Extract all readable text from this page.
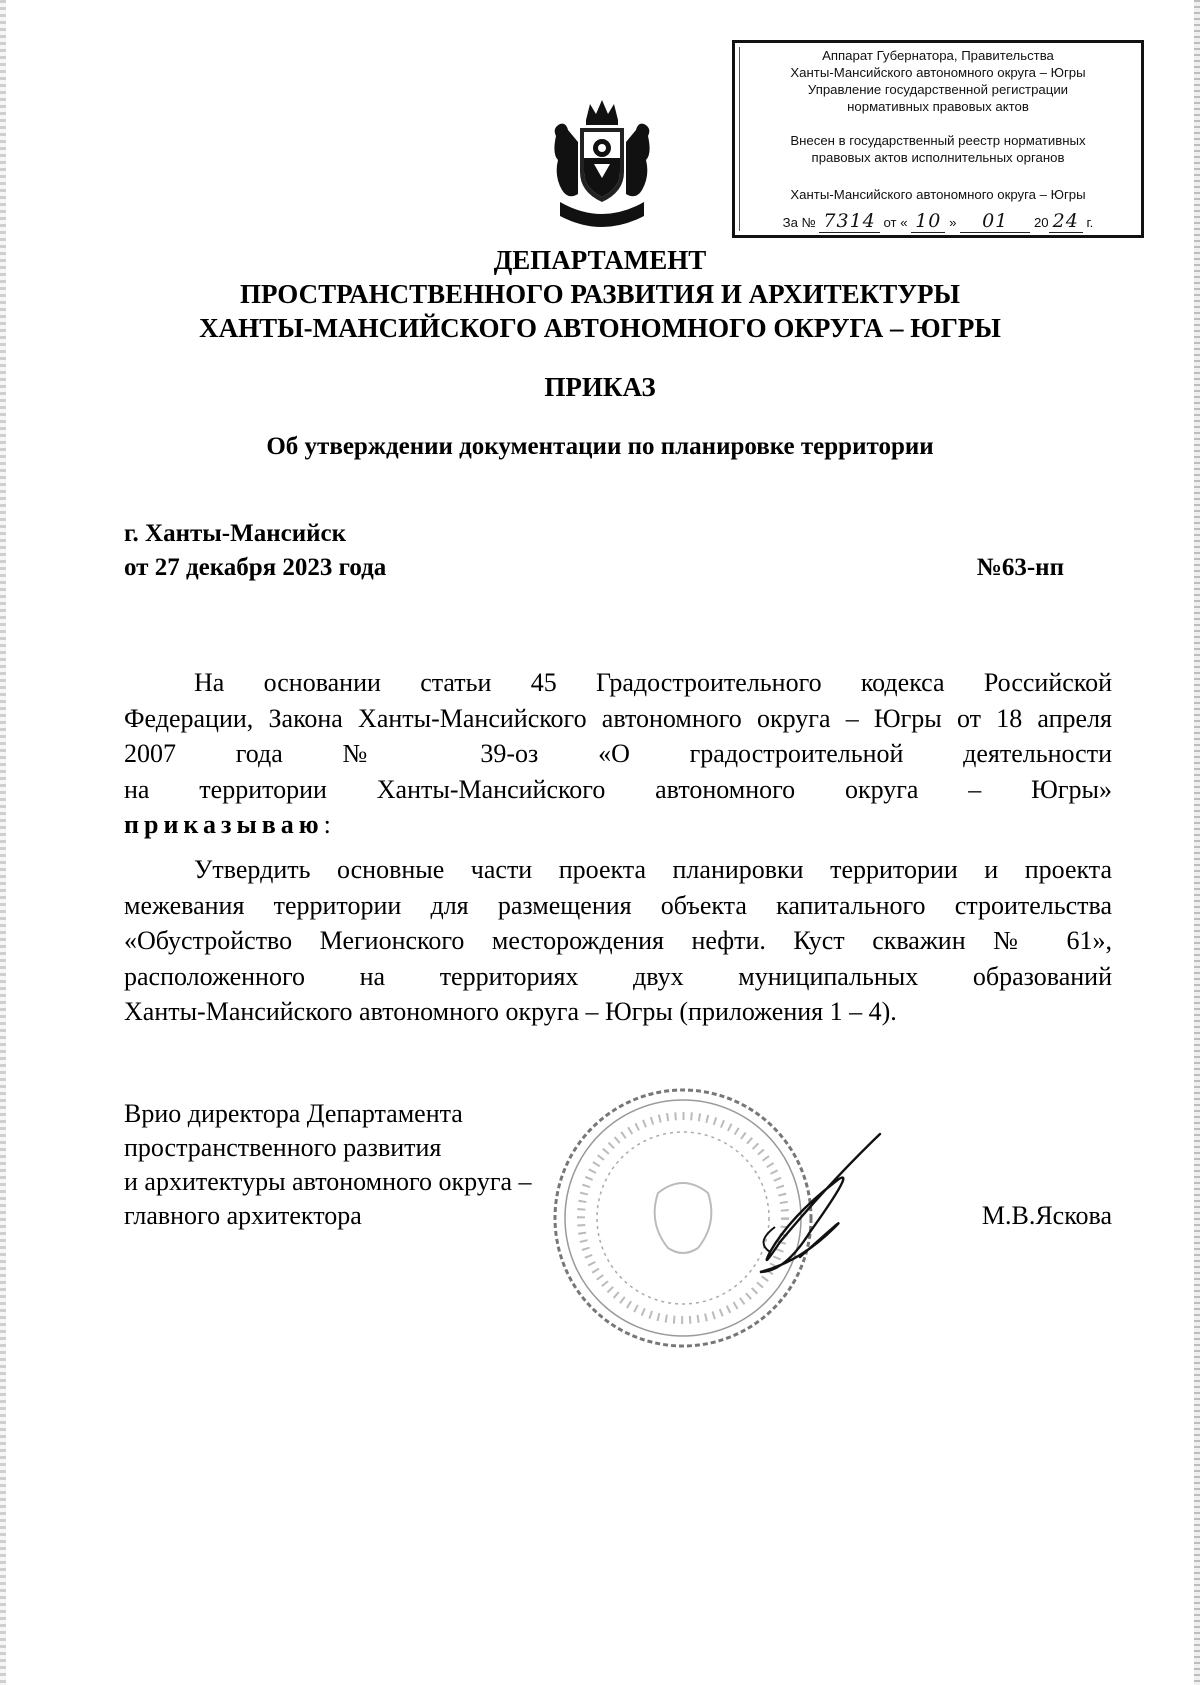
Аппарат Губернатора, Правительства
Ханты-Мансийского автономного округа – Югры
Управление государственной регистрации
нормативных правовых актов
Внесен в государственный реестр нормативных
правовых актов исполнительных органов
Ханты-Мансийского автономного округа – Югры
За № 7314 от « 10 » 01 20 24 г.
ДЕПАРТАМЕНТ
ПРОСТРАНСТВЕННОГО РАЗВИТИЯ И АРХИТЕКТУРЫ
ХАНТЫ-МАНСИЙСКОГО АВТОНОМНОГО ОКРУГА – ЮГРЫ
ПРИКАЗ
Об утверждении документации по планировке территории
г. Ханты-Мансийск
от 27 декабря 2023 года	№63-нп
На основании статьи 45 Градостроительного кодекса Российской
Федерации, Закона Ханты-Мансийского автономного округа – Югры от 18 апреля
2007 года № 39-оз «О градостроительной деятельности
на территории Ханты-Мансийского автономного округа – Югры»
приказываю:
Утвердить основные части проекта планировки территории и проекта
межевания территории для размещения объекта капитального строительства
«Обустройство Мегионского месторождения нефти. Куст скважин № 61»,
расположенного на территориях двух муниципальных образований
Ханты-Мансийского автономного округа – Югры (приложения 1 – 4).
Врио директора Департамента
пространственного развития
и архитектуры автономного округа –
главного архитектора	М.В.Яскова
